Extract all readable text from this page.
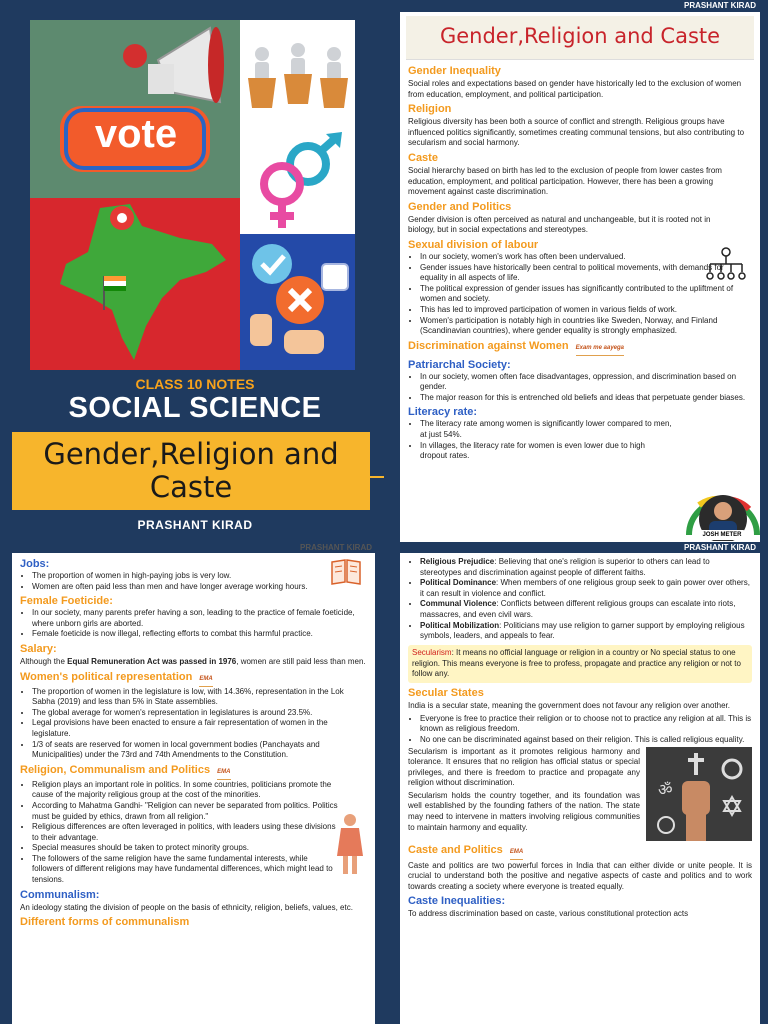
vote
CLASS 10 NOTES
SOCIAL SCIENCE
Gender,Religion and
Caste
PRASHANT KIRAD
PRASHANT KIRAD
PRASHANT KIRAD	PRASHANT KIRAD
Gender,Religion and Caste
Gender Inequality
Social roles and expectations based on gender have historically led to the exclusion of women from education, employment, and political participation.
Religion
Religious diversity has been both a source of conflict and strength. Religious groups have influenced politics significantly, sometimes creating communal tensions, but also contributing to secularism and social harmony.
Caste
Social hierarchy based on birth has led to the exclusion of people from lower castes from education, employment, and political participation. However, there has been a growing movement against caste discrimination.
Gender and Politics
Gender division is often perceived as natural and unchangeable, but it is rooted not in biology, but in social expectations and stereotypes.
Sexual division of labour
• In our society, women's work has often been undervalued.
• Gender issues have historically been central to political movements, with demands for equality in all aspects of life.
• The political expression of gender issues has significantly contributed to the upliftment of women and society.
• This has led to improved participation of women in various fields of work.
• Women's participation is notably high in countries like Sweden, Norway, and Finland (Scandinavian countries), where gender equality is strongly emphasized.
Discrimination against Women Exam me aayega
Patriarchal Society:
• In our society, women often face disadvantages, oppression, and discrimination based on gender.
• The major reason for this is entrenched old beliefs and ideas that perpetuate gender biases.
Literacy rate:
• The literacy rate among women is significantly lower compared to men, at just 54%.
• In villages, the literacy rate for women is even lower due to high dropout rates.
JOSH METER
Jobs:
• The proportion of women in high-paying jobs is very low.
• Women are often paid less than men and have longer average working hours.
Female Foeticide:
• In our society, many parents prefer having a son, leading to the practice of female foeticide, where unborn girls are aborted.
• Female foeticide is now illegal, reflecting efforts to combat this harmful practice.
Salary:
Although the Equal Remuneration Act was passed in 1976, women are still paid less than men.
Women's political representation EMA
• The proportion of women in the legislature is low, with 14.36%, representation in the Lok Sabha (2019) and less than 5% in State assemblies.
• The global average for women's representation in legislatures is around 23.5%.
• Legal provisions have been enacted to ensure a fair representation of women in the legislature.
• 1/3 of seats are reserved for women in local government bodies (Panchayats and Municipalities) under the 73rd and 74th Amendments to the Constitution.
Religion, Communalism and Politics EMA
• Religion plays an important role in politics. In some countries, politicians promote the cause of the majority religious group at the cost of the minorities.
• According to Mahatma Gandhi- "Religion can never be separated from politics. Politics must be guided by ethics, drawn from all religion."
• Religious differences are often leveraged in politics, with leaders using these divisions to their advantage.
• Special measures should be taken to protect minority groups.
• The followers of the same religion have the same fundamental interests, while followers of different religions may have fundamental differences, which might lead to tensions.
Communalism:
An ideology stating the division of people on the basis of ethnicity, religion, beliefs, values, etc.
Different forms of communalism
• Religious Prejudice: Believing that one's religion is superior to others can lead to stereotypes and discrimination against people of different faiths.
• Political Dominance: When members of one religious group seek to gain power over others, it can result in violence and conflict.
• Communal Violence: Conflicts between different religious groups can escalate into riots, massacres, and even civil wars.
• Political Mobilization: Politicians may use religion to garner support by employing religious symbols, leaders, and appeals to fear.
Secularism: It means no official language or religion in a country or No special status to one religion. This means everyone is free to profess, propagate and practice any religion or not to follow any.
Secular States
India is a secular state, meaning the government does not favour any religion over another.
• Everyone is free to practice their religion or to choose not to practice any religion at all. This is known as religious freedom.
• No one can be discriminated against based on their religion. This is called religious equality.
ॐ
Secularism is important as it promotes religious harmony and tolerance. It ensures that no religion has official status or special privileges, and there is freedom to practice and propagate any religion without discrimination.
Secularism holds the country together, and its foundation was well established by the founding fathers of the nation. The state may need to intervene in matters involving religious communities to maintain harmony and equality.
Caste and Politics EMA
Caste and politics are two powerful forces in India that can either divide or unite people. It is crucial to understand both the positive and negative aspects of caste and politics and to work towards creating a society where everyone is treated equally.
Caste Inequalities:
To address discrimination based on caste, various constitutional protection acts
